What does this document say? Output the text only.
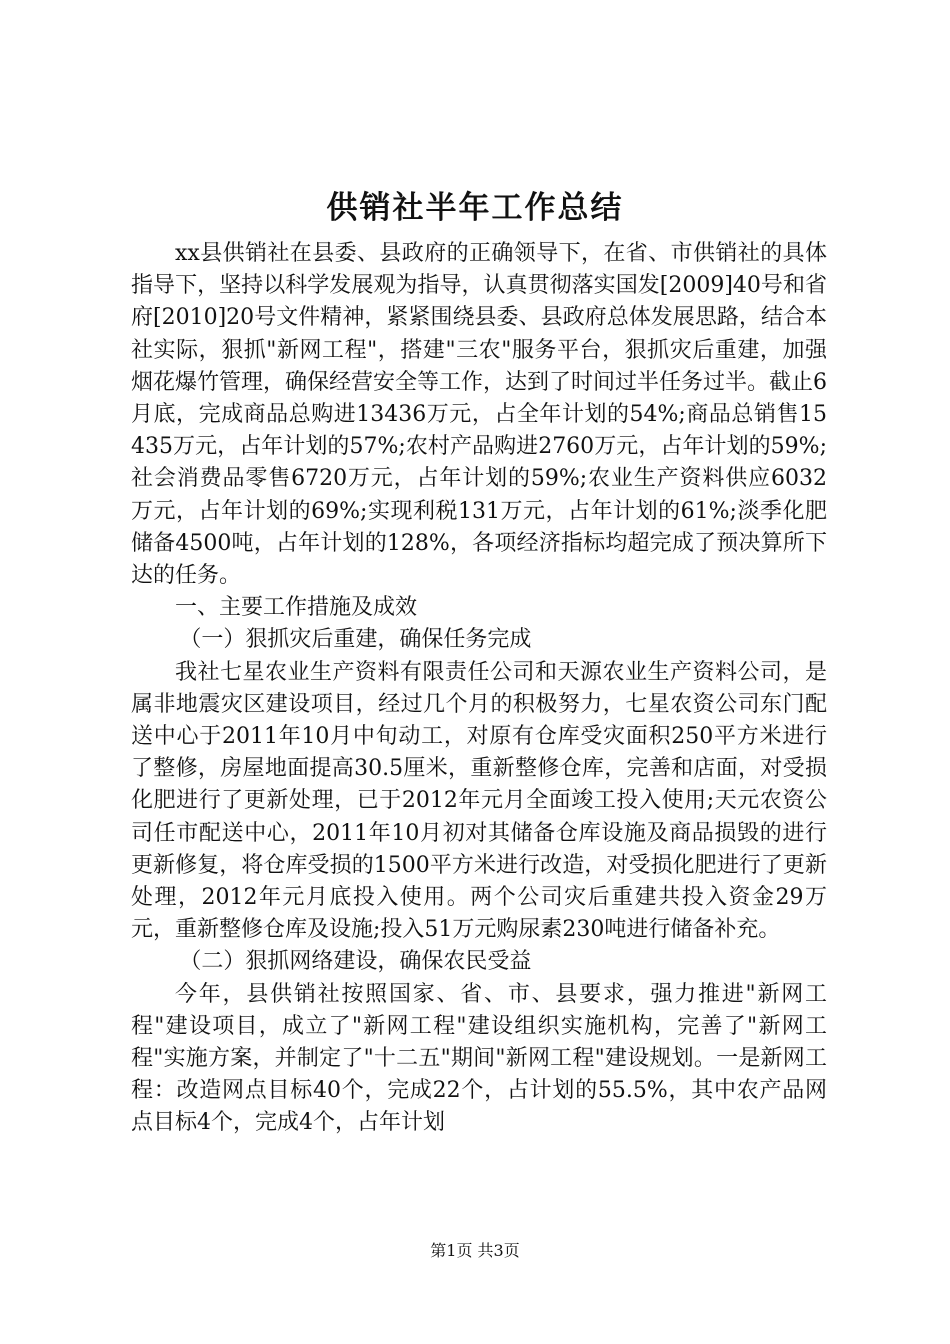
供销社半年工作总结

xx县供销社在县委、县政府的正确领导下，在省、市供销社的具体指导下，坚持以科学发展观为指导，认真贯彻落实国发[2009]40号和省府[2010]20号文件精神，紧紧围绕县委、县政府总体发展思路，结合本社实际，狠抓"新网工程"，搭建"三农"服务平台，狠抓灾后重建，加强烟花爆竹管理，确保经营安全等工作，达到了时间过半任务过半。截止6月底，完成商品总购进13436万元，占全年计划的54%;商品总销售15435万元，占年计划的57%;农村产品购进2760万元，占年计划的59%;社会消费品零售6720万元，占年计划的59%;农业生产资料供应6032万元，占年计划的69%;实现利税131万元，占年计划的61%;淡季化肥储备4500吨，占年计划的128%，各项经济指标均超完成了预决算所下达的任务。

一、主要工作措施及成效

（一）狠抓灾后重建，确保任务完成

我社七星农业生产资料有限责任公司和天源农业生产资料公司，是属非地震灾区建设项目，经过几个月的积极努力，七星农资公司东门配送中心于2011年10月中旬动工，对原有仓库受灾面积250平方米进行了整修，房屋地面提高30.5厘米，重新整修仓库，完善和店面，对受损化肥进行了更新处理，已于2012年元月全面竣工投入使用;天元农资公司任市配送中心，2011年10月初对其储备仓库设施及商品损毁的进行更新修复，将仓库受损的1500平方米进行改造，对受损化肥进行了更新处理，2012年元月底投入使用。两个公司灾后重建共投入资金29万元，重新整修仓库及设施;投入51万元购尿素230吨进行储备补充。

（二）狠抓网络建设，确保农民受益

今年，县供销社按照国家、省、市、县要求，强力推进"新网工程"建设项目，成立了"新网工程"建设组织实施机构，完善了"新网工程"实施方案，并制定了"十二五"期间"新网工程"建设规划。一是新网工程：改造网点目标40个，完成22个，占计划的55.5%，其中农产品网点目标4个，完成4个，占年计划

第1页 共3页
